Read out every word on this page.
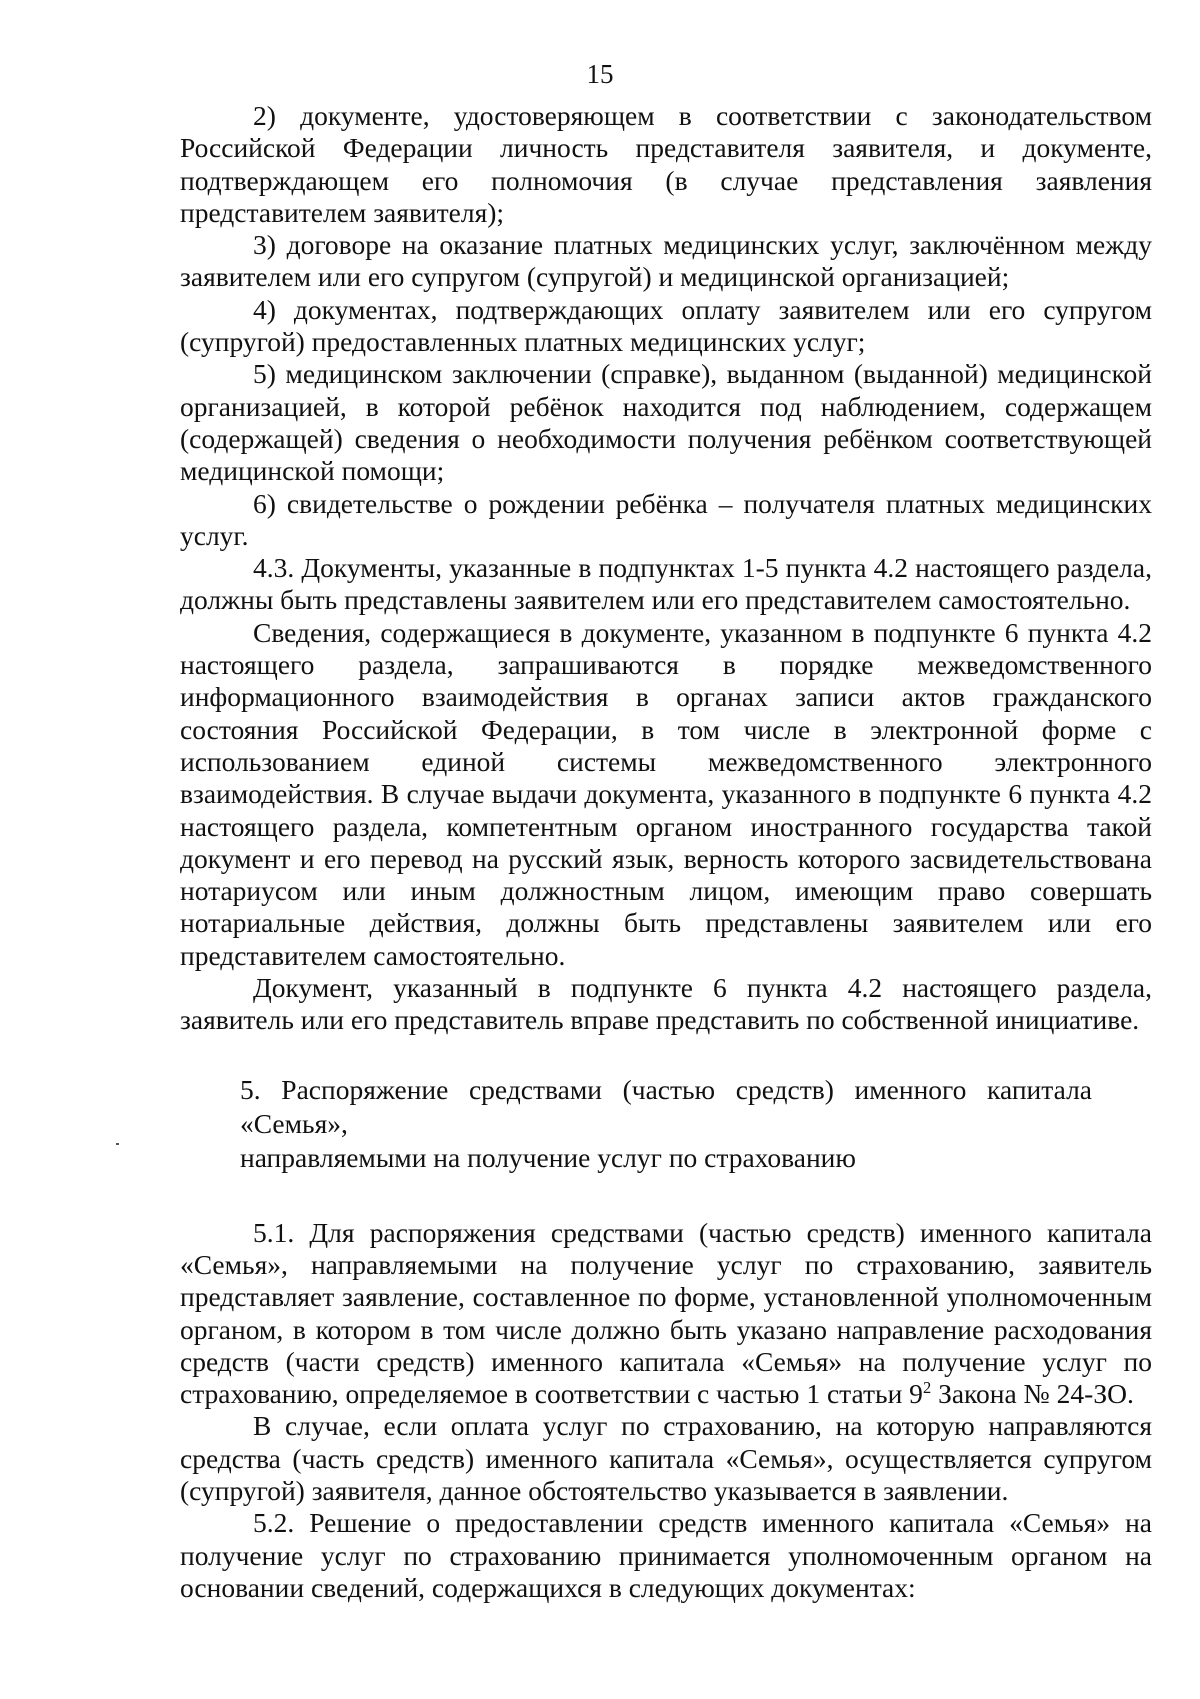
15

2) документе, удостоверяющем в соответствии с законодательством Российской Федерации личность представителя заявителя, и документе, подтверждающем его полномочия (в случае представления заявления представителем заявителя);

3) договоре на оказание платных медицинских услуг, заключённом между заявителем или его супругом (супругой) и медицинской организацией;

4) документах, подтверждающих оплату заявителем или его супругом (супругой) предоставленных платных медицинских услуг;

5) медицинском заключении (справке), выданном (выданной) медицинской организацией, в которой ребёнок находится под наблюдением, содержащем (содержащей) сведения о необходимости получения ребёнком соответствующей медицинской помощи;

6) свидетельстве о рождении ребёнка – получателя платных медицинских услуг.

4.3. Документы, указанные в подпунктах 1-5 пункта 4.2 настоящего раздела, должны быть представлены заявителем или его представителем самостоятельно.

Сведения, содержащиеся в документе, указанном в подпункте 6 пункта 4.2 настоящего раздела, запрашиваются в порядке межведомственного информационного взаимодействия в органах записи актов гражданского состояния Российской Федерации, в том числе в электронной форме с использованием единой системы межведомственного электронного взаимодействия. В случае выдачи документа, указанного в подпункте 6 пункта 4.2 настоящего раздела, компетентным органом иностранного государства такой документ и его перевод на русский язык, верность которого засвидетельствована нотариусом или иным должностным лицом, имеющим право совершать нотариальные действия, должны быть представлены заявителем или его представителем самостоятельно.

Документ, указанный в подпункте 6 пункта 4.2 настоящего раздела, заявитель или его представитель вправе представить по собственной инициативе.

5. Распоряжение средствами (частью средств) именного капитала «Семья»,
направляемыми на получение услуг по страхованию

5.1. Для распоряжения средствами (частью средств) именного капитала «Семья», направляемыми на получение услуг по страхованию, заявитель представляет заявление, составленное по форме, установленной уполномоченным органом, в котором в том числе должно быть указано направление расходования средств (части средств) именного капитала «Семья» на получение услуг по страхованию, определяемое в соответствии с частью 1 статьи $9^2$ Закона № 24-ЗО.

В случае, если оплата услуг по страхованию, на которую направляются средства (часть средств) именного капитала «Семья», осуществляется супругом (супругой) заявителя, данное обстоятельство указывается в заявлении.

5.2. Решение о предоставлении средств именного капитала «Семья» на получение услуг по страхованию принимается уполномоченным органом на основании сведений, содержащихся в следующих документах:
